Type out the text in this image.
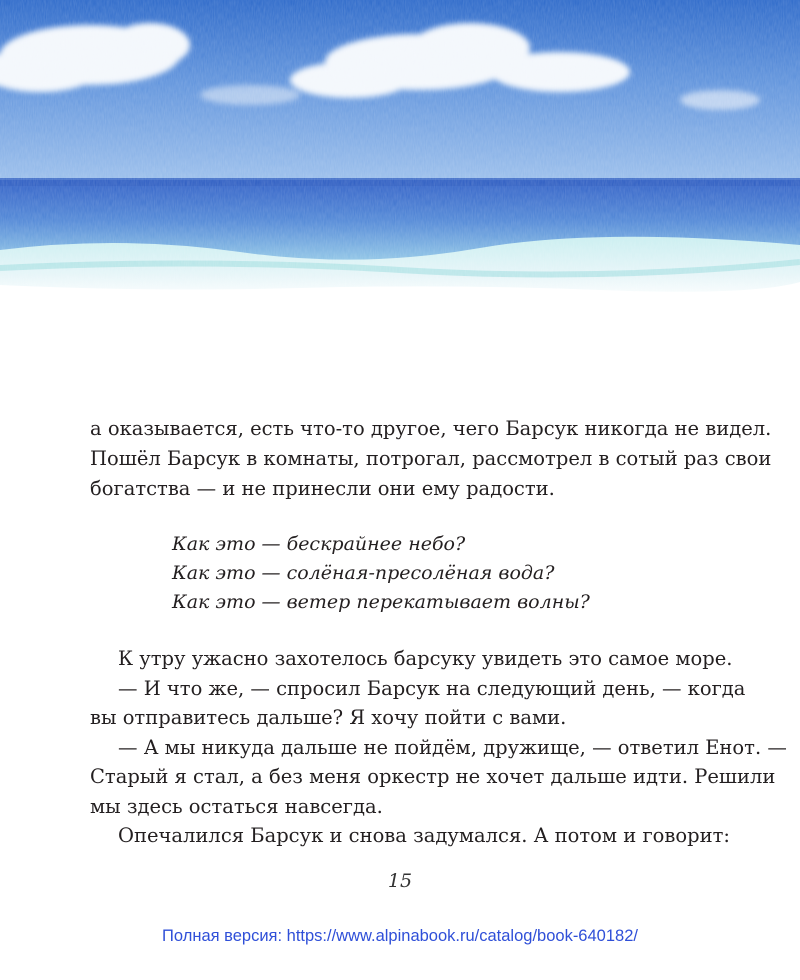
а оказывается, есть что-то другое, чего Барсук никогда не видел.

Пошёл Барсук в комнаты, потрогал, рассмотрел в сотый раз свои

богатства — и не принесли они ему радости.

Как это — бескрайнее небо?
Как это — солёная-пресолёная вода?
Как это — ветер перекатывает волны?

К утру ужасно захотелось барсуку увидеть это самое море.

— И что же, — спросил Барсук на следующий день, — когда

вы отправитесь дальше? Я хочу пойти с вами.

— А мы никуда дальше не пойдём, дружище, — ответил Енот. —

Старый я стал, а без меня оркестр не хочет дальше идти. Решили

мы здесь остаться навсегда.

Опечалился Барсук и снова задумался. А потом и говорит:

15
Полная версия: https://www.alpinabook.ru/catalog/book-640182/
